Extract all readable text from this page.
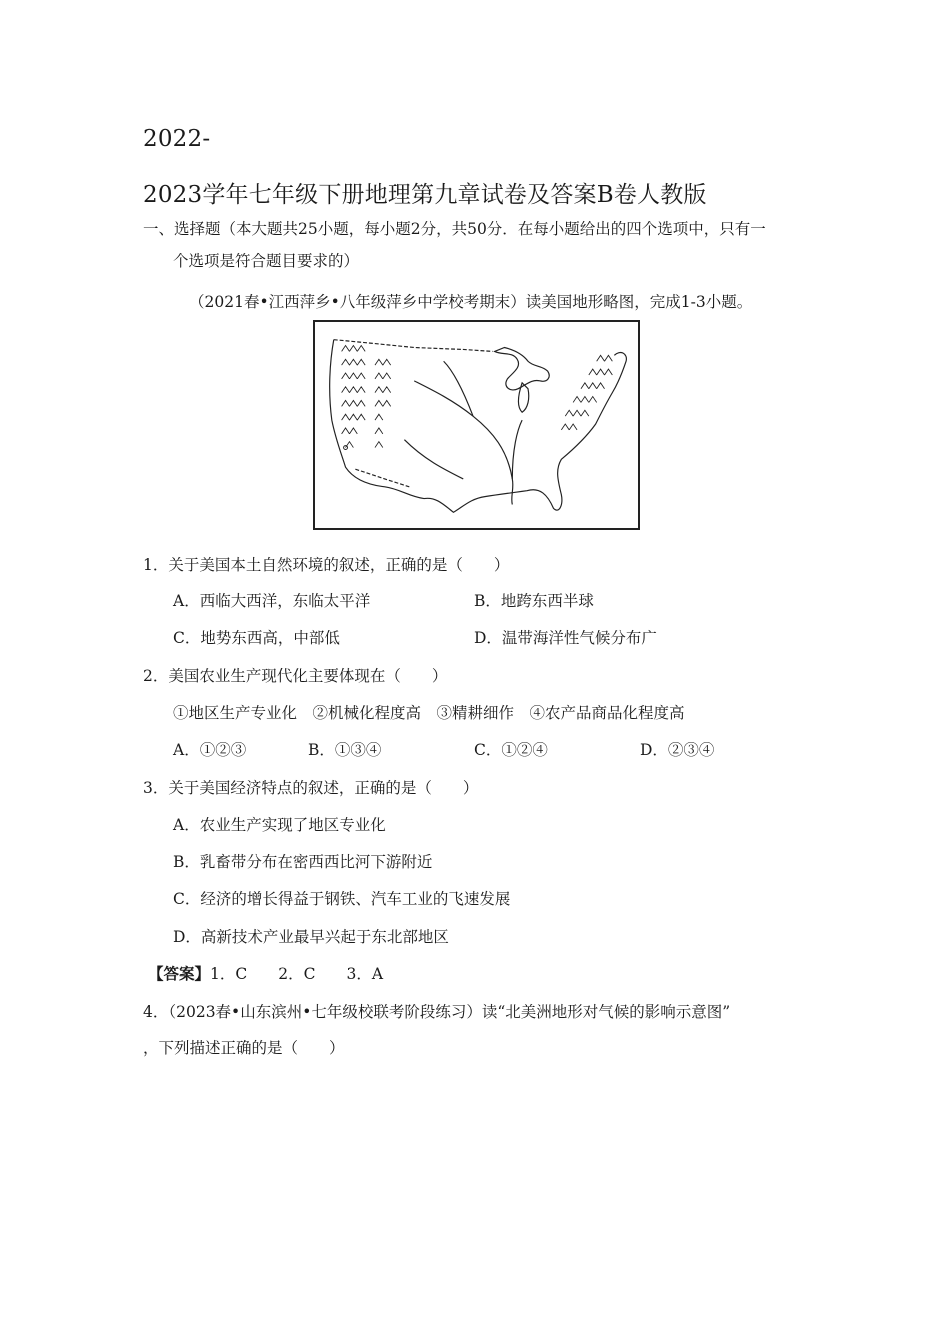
2022-
2023学年七年级下册地理第九章试卷及答案B卷人教版
一、选择题（本大题共25小题，每小题2分，共50分．在每小题给出的四个选项中，只有一
个选项是符合题目要求的）
（2021春•江西萍乡•八年级萍乡中学校考期末）读美国地形略图，完成1-3小题。
1．关于美国本土自然环境的叙述，正确的是（　　）
A．西临大西洋，东临太平洋	B．地跨东西半球
C．地势东西高，中部低	D．温带海洋性气候分布广
2．美国农业生产现代化主要体现在（　　）
①地区生产专业化　②机械化程度高　③精耕细作　④农产品商品化程度高
A．①②③	B．①③④	C．①②④	D．②③④
3．关于美国经济特点的叙述，正确的是（　　）
A．农业生产实现了地区专业化
B．乳畜带分布在密西西比河下游附近
C．经济的增长得益于钢铁、汽车工业的飞速发展
D．高新技术产业最早兴起于东北部地区
【答案】1．C　　2．C　　3．A
4．（2023春•山东滨州•七年级校联考阶段练习）读“北美洲地形对气候的影响示意图”
，下列描述正确的是（　　）
